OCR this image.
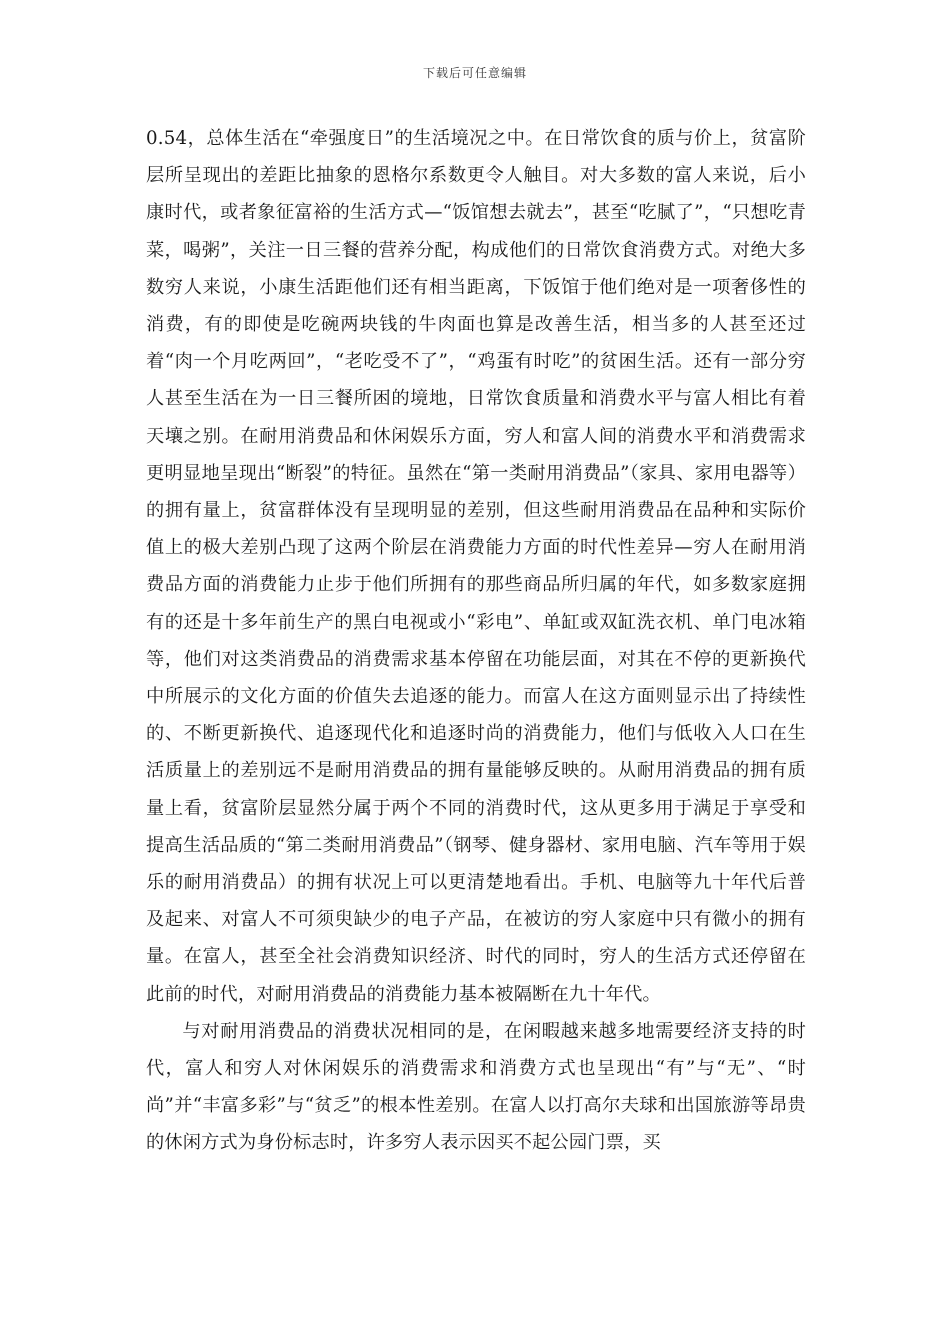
下载后可任意编辑

0.54，总体生活在“牵强度日”的生活境况之中。在日常饮食的质与价上，贫富阶层所呈现出的差距比抽象的恩格尔系数更令人触目。对大多数的富人来说，后小康时代，或者象征富裕的生活方式—“饭馆想去就去”，甚至“吃腻了”，“只想吃青菜，喝粥”，关注一日三餐的营养分配，构成他们的日常饮食消费方式。对绝大多数穷人来说，小康生活距他们还有相当距离，下饭馆于他们绝对是一项奢侈性的消费，有的即使是吃碗两块钱的牛肉面也算是改善生活，相当多的人甚至还过着“肉一个月吃两回”，“老吃受不了”，“鸡蛋有时吃”的贫困生活。还有一部分穷人甚至生活在为一日三餐所困的境地，日常饮食质量和消费水平与富人相比有着天壤之别。在耐用消费品和休闲娱乐方面，穷人和富人间的消费水平和消费需求更明显地呈现出“断裂”的特征。虽然在“第一类耐用消费品”（家具、家用电器等）的拥有量上，贫富群体没有呈现明显的差别，但这些耐用消费品在品种和实际价值上的极大差别凸现了这两个阶层在消费能力方面的时代性差异—穷人在耐用消费品方面的消费能力止步于他们所拥有的那些商品所归属的年代，如多数家庭拥有的还是十多年前生产的黑白电视或小“彩电”、单缸或双缸洗衣机、单门电冰箱等，他们对这类消费品的消费需求基本停留在功能层面，对其在不停的更新换代中所展示的文化方面的价值失去追逐的能力。而富人在这方面则显示出了持续性的、不断更新换代、追逐现代化和追逐时尚的消费能力，他们与低收入人口在生活质量上的差别远不是耐用消费品的拥有量能够反映的。从耐用消费品的拥有质量上看，贫富阶层显然分属于两个不同的消费时代，这从更多用于满足于享受和提高生活品质的“第二类耐用消费品”（钢琴、健身器材、家用电脑、汽车等用于娱乐的耐用消费品）的拥有状况上可以更清楚地看出。手机、电脑等九十年代后普及起来、对富人不可须臾缺少的电子产品，在被访的穷人家庭中只有微小的拥有量。在富人，甚至全社会消费知识经济、时代的同时，穷人的生活方式还停留在此前的时代，对耐用消费品的消费能力基本被隔断在九十年代。

与对耐用消费品的消费状况相同的是，在闲暇越来越多地需要经济支持的时代，富人和穷人对休闲娱乐的消费需求和消费方式也呈现出“有”与“无”、“时尚”并“丰富多彩”与“贫乏”的根本性差别。在富人以打高尔夫球和出国旅游等昂贵的休闲方式为身份标志时，许多穷人表示因买不起公园门票，买
